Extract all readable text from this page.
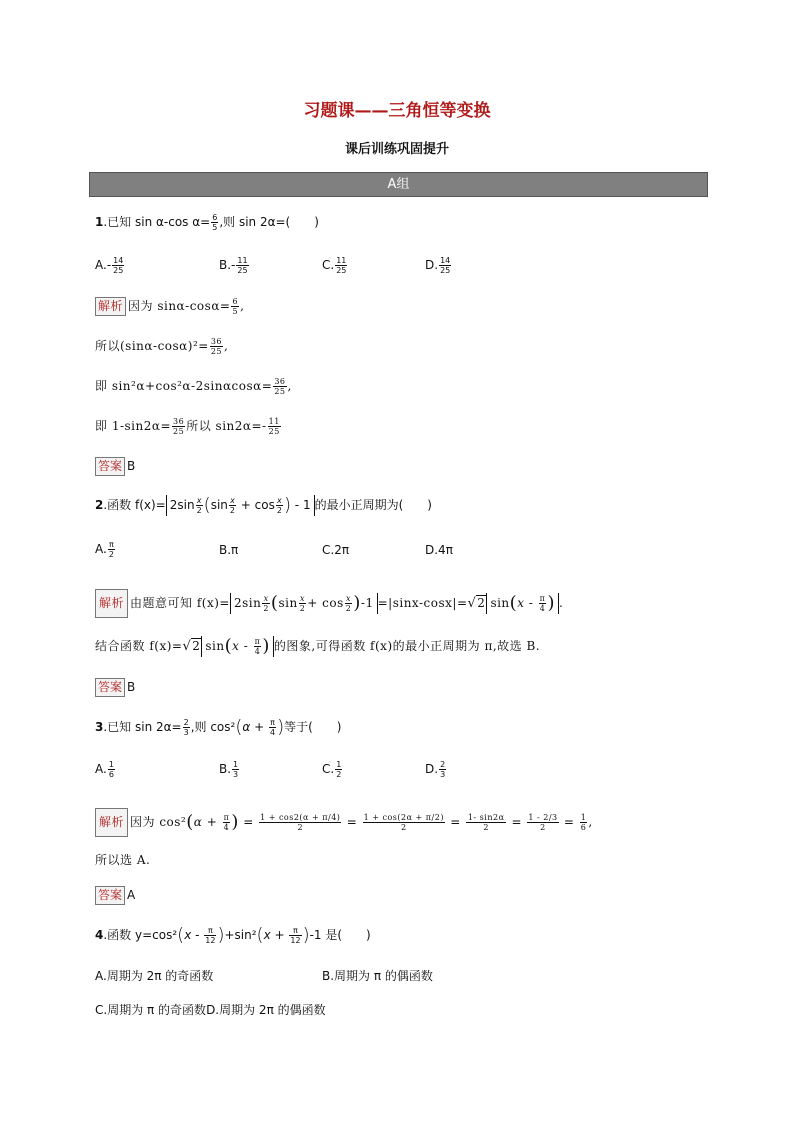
习题课——三角恒等变换
课后训练巩固提升
A组
1.已知 sin α-cos $\alpha= \frac{6}{5}$ ,则 sin 2α=(　　)
$A.- \frac{14}{25}$	$B.- \frac{11}{25}$	C. $\frac{11}{25}$	D. $\frac{14}{25}$
解析 因为 $\sin\alpha-\cos\alpha= \frac{6}{5}$ ,
所以$(\sin\alpha-\cos\alpha)^2= \frac{36}{25}$ ,
即 $\sin^2\alpha+\cos^2\alpha-2\sin\alpha\cos\alpha= \frac{36}{25}$ ,
即 $1-\sin 2\alpha= \frac{36}{25}$ 所以 $\sin 2\alpha=- \frac{11}{25}$
答案 B
2.函数 $f(x)= 2\sin \frac{x}{2} (\sin \frac{x}{2} + \cos \frac{x}{2}$ ) - 1 的最小正周期为(　　)
A. $\frac{\pi}{2}$	B.π	C.2π	D.4π
解析 由题意可知 $f(x)= 2\sin \frac{x}{2} (\sin \frac{x}{2} + \cos \frac{x}{2} )-1 =|\sin x-\cos x|=√2$ $\sin(x - \frac{\pi}{4}$ ) .
结合函数 f(x)=√2 $\sin(x - \frac{\pi}{4}$ ) 的图象,可得函数 f(x)的最小正周期为 π,故选 B.
答案 B
3.已知 $\sin 2\alpha= \frac{2}{3}$ ,则 $\cos^2(\alpha + \frac{\pi}{4}$ )等于(　　)
A. $\frac{1}{6}$	B. $\frac{1}{3}$	C. $\frac{1}{2}$	D. $\frac{2}{3}$
解析 因为 $\cos^2(\alpha + \frac{\pi}{4}$ ) = $\frac{1 + \cos 2(\alpha + \pi/4)}{2} = \frac{1 + \cos(2\alpha + \pi/2)}{2} = \frac{1- \sin 2\alpha}{2} = \frac{1 - 2/3}{2} = \frac{1}{6}$ ,
所以选 A.
答案 A
4.函数 $y=\cos^2(x - \frac{\pi}{12} )+\sin^2(x + \frac{\pi}{12} )-1$ 是(　　)
A.周期为 2π 的奇函数	B.周期为 π 的偶函数
C.周期为 π 的奇函数D.周期为 2π 的偶函数
